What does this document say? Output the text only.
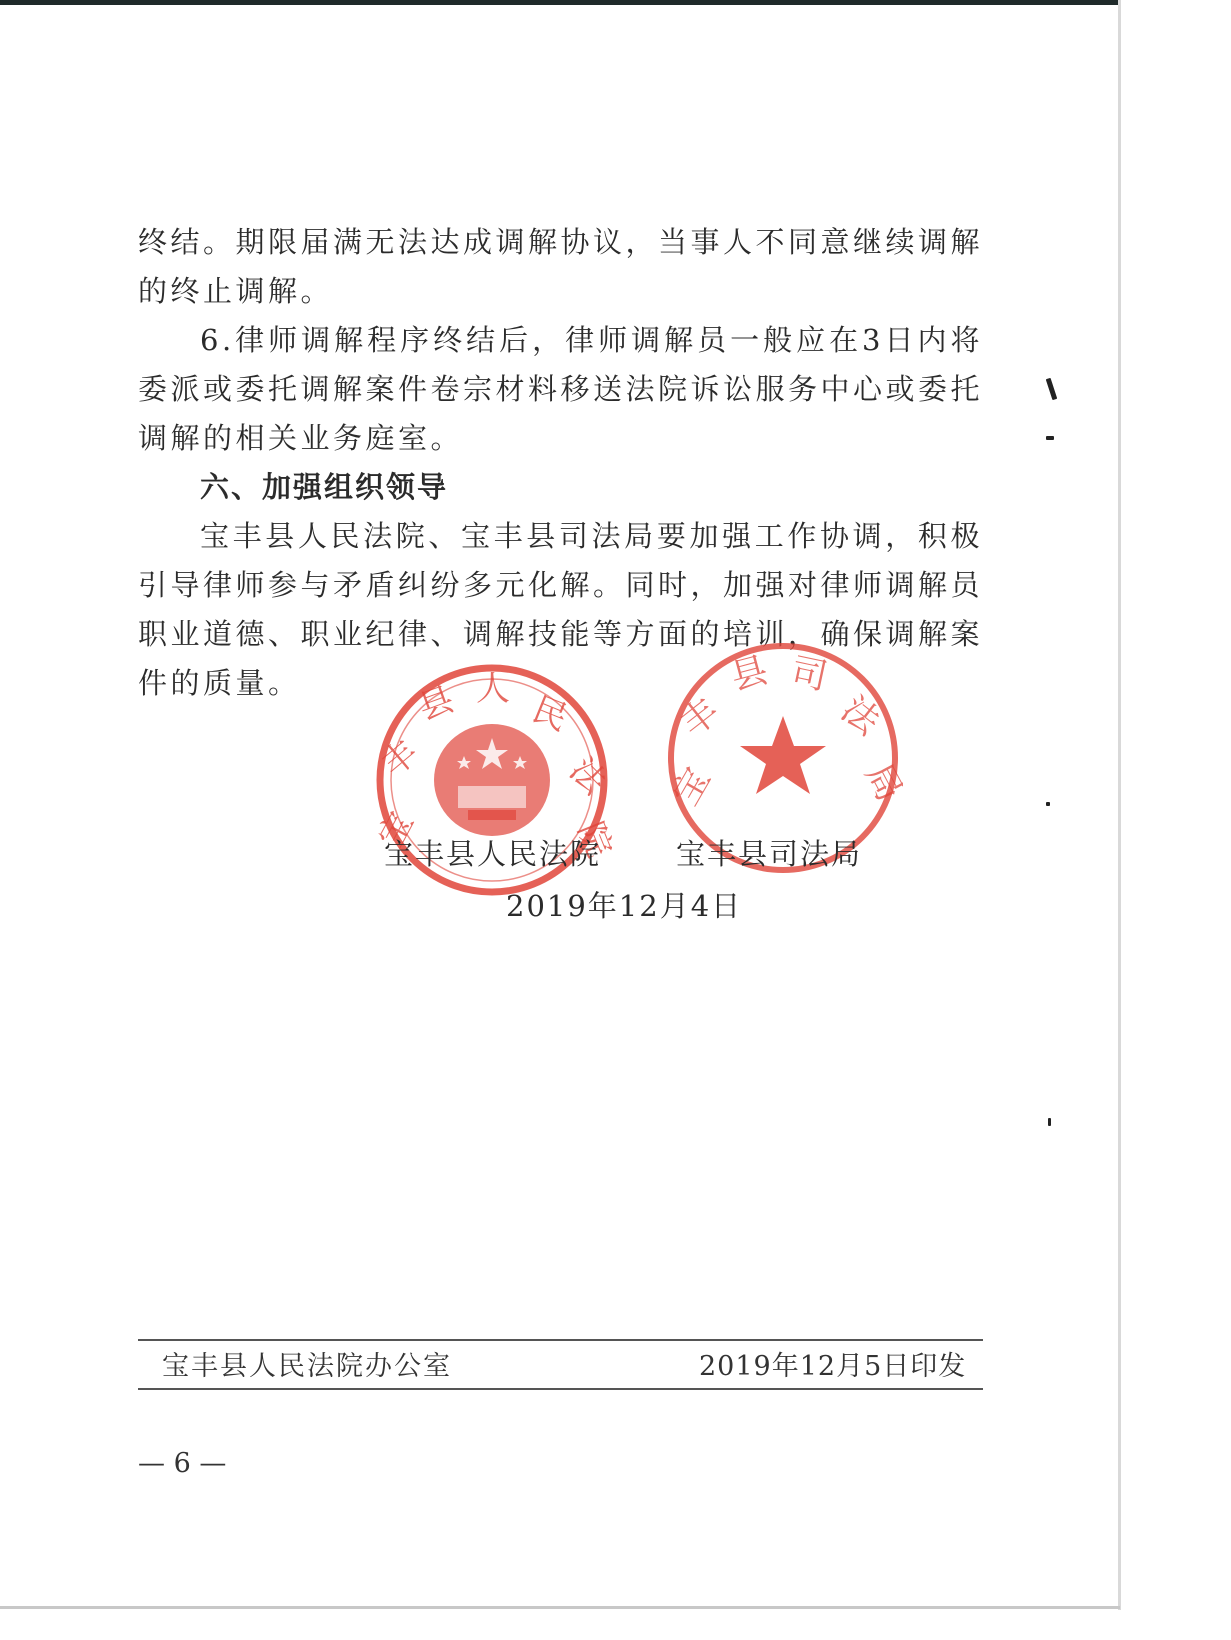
终结。期限届满无法达成调解协议，当事人不同意继续调解的终止调解。

6.律师调解程序终结后，律师调解员一般应在3日内将委派或委托调解案件卷宗材料移送法院诉讼服务中心或委托调解的相关业务庭室。

六、加强组织领导

宝丰县人民法院、宝丰县司法局要加强工作协调，积极引导律师参与矛盾纠纷多元化解。同时，加强对律师调解员职业道德、职业纪律、调解技能等方面的培训，确保调解案件的质量。

宝
丰
县 人
民
法
院
宝
丰
县 司
法
局
宝丰县人民法院	宝丰县司法局
2019年12月4日
宝丰县人民法院办公室	2019年12月5日印发
— 6 —
